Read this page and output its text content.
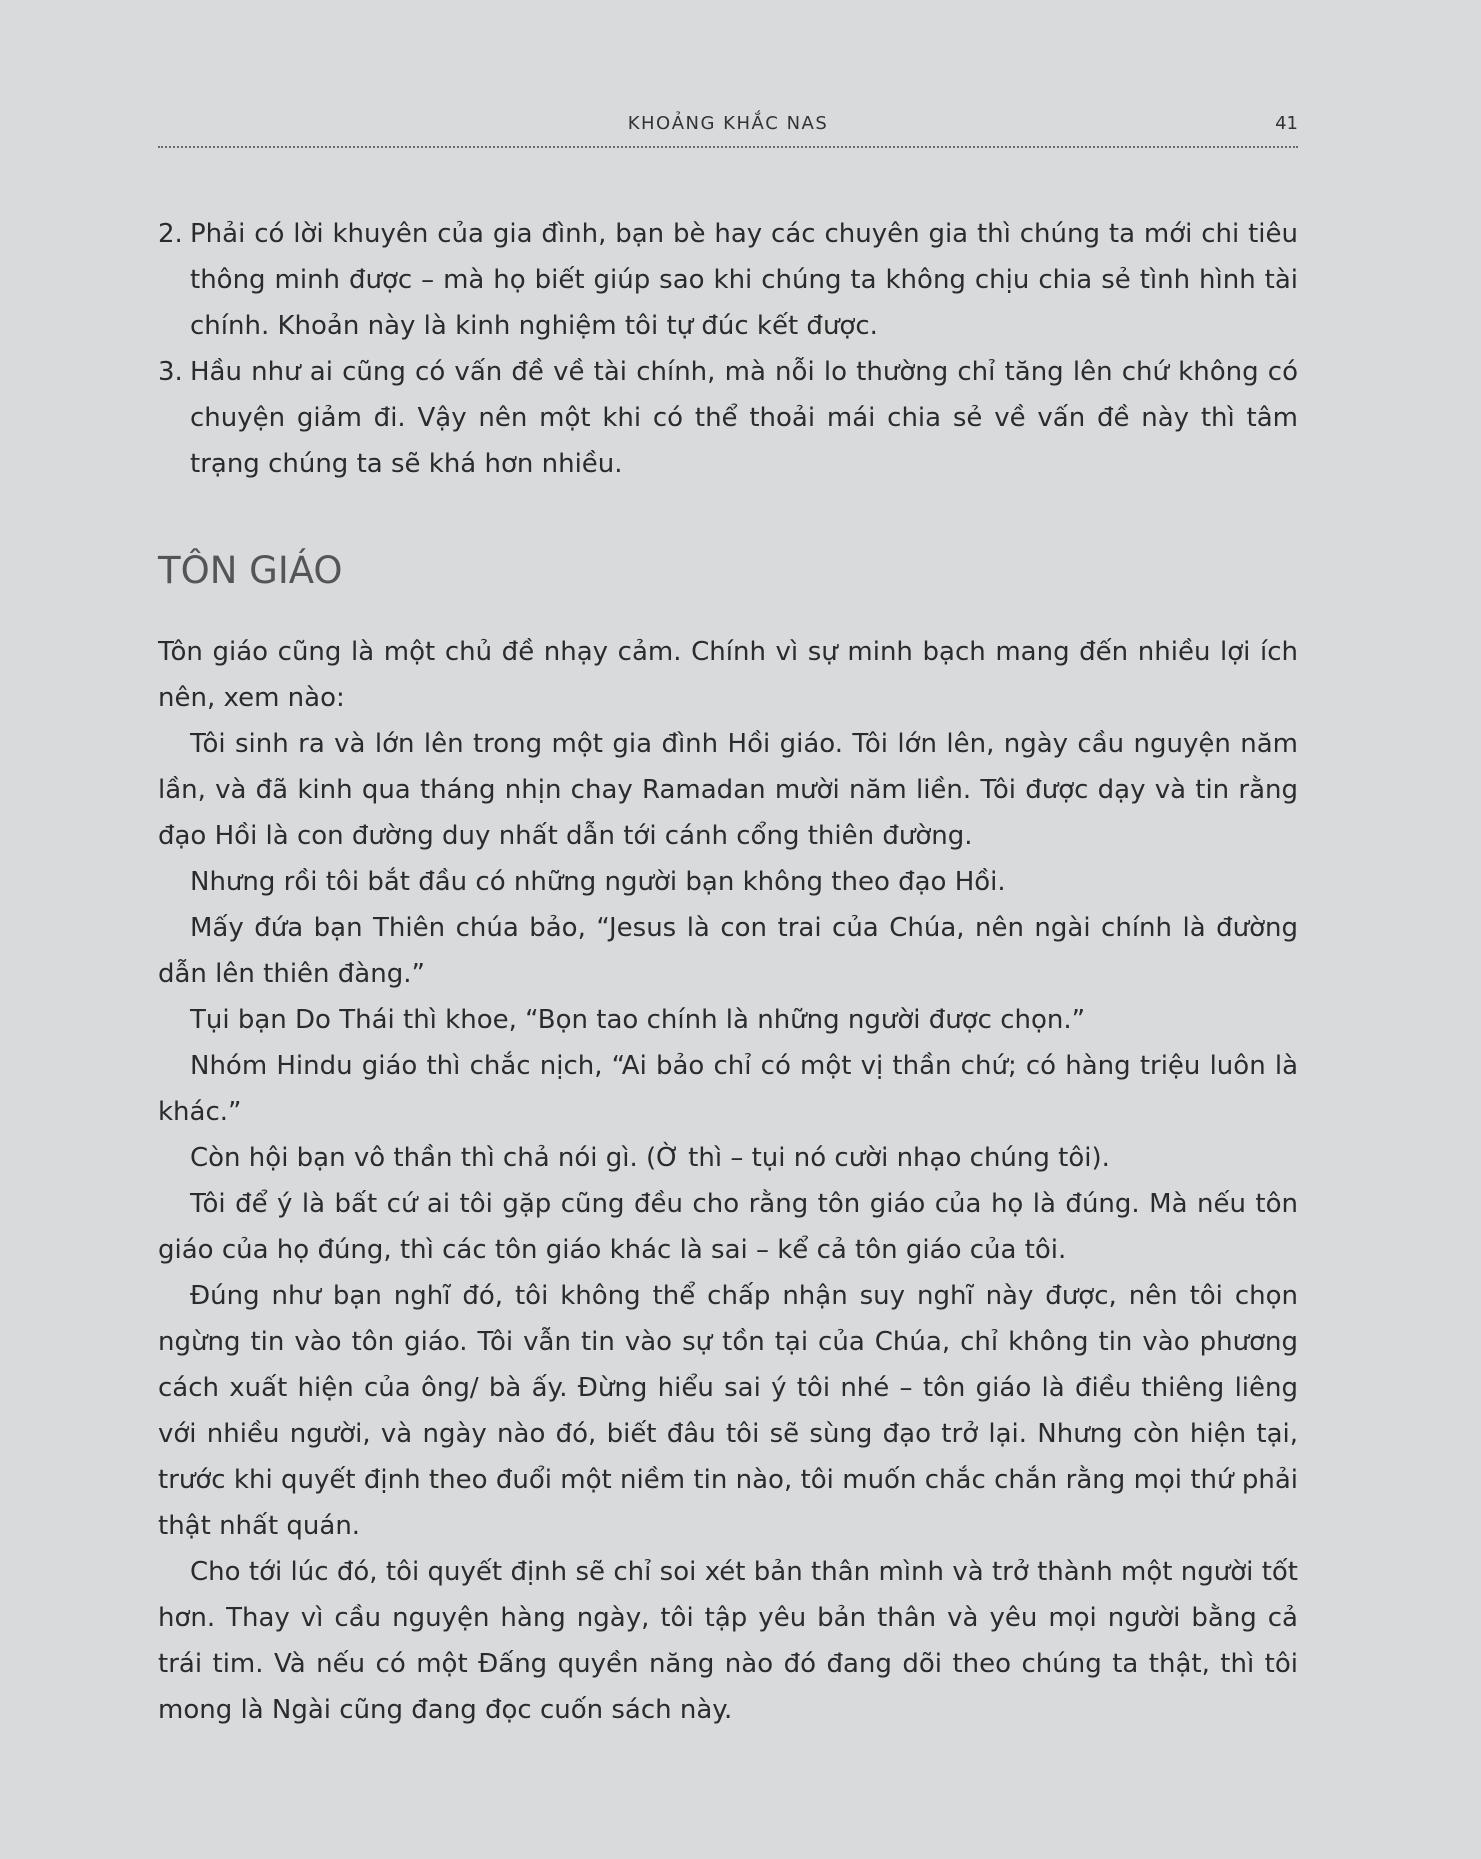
KHOẢNG KHẮC NAS	41
2. Phải có lời khuyên của gia đình, bạn bè hay các chuyên gia thì chúng ta mới chi tiêu thông minh được – mà họ biết giúp sao khi chúng ta không chịu chia sẻ tình hình tài chính. Khoản này là kinh nghiệm tôi tự đúc kết được.
3. Hầu như ai cũng có vấn đề về tài chính, mà nỗi lo thường chỉ tăng lên chứ không có chuyện giảm đi. Vậy nên một khi có thể thoải mái chia sẻ về vấn đề này thì tâm trạng chúng ta sẽ khá hơn nhiều.
TÔN GIÁO

Tôn giáo cũng là một chủ đề nhạy cảm. Chính vì sự minh bạch mang đến nhiều lợi ích nên, xem nào:

Tôi sinh ra và lớn lên trong một gia đình Hồi giáo. Tôi lớn lên, ngày cầu nguyện năm lần, và đã kinh qua tháng nhịn chay Ramadan mười năm liền. Tôi được dạy và tin rằng đạo Hồi là con đường duy nhất dẫn tới cánh cổng thiên đường.

Nhưng rồi tôi bắt đầu có những người bạn không theo đạo Hồi.

Mấy đứa bạn Thiên chúa bảo, “Jesus là con trai của Chúa, nên ngài chính là đường dẫn lên thiên đàng.”

Tụi bạn Do Thái thì khoe, “Bọn tao chính là những người được chọn.”

Nhóm Hindu giáo thì chắc nịch, “Ai bảo chỉ có một vị thần chứ; có hàng triệu luôn là khác.”

Còn hội bạn vô thần thì chả nói gì. (Ờ thì – tụi nó cười nhạo chúng tôi).

Tôi để ý là bất cứ ai tôi gặp cũng đều cho rằng tôn giáo của họ là đúng. Mà nếu tôn giáo của họ đúng, thì các tôn giáo khác là sai – kể cả tôn giáo của tôi.

Đúng như bạn nghĩ đó, tôi không thể chấp nhận suy nghĩ này được, nên tôi chọn ngừng tin vào tôn giáo. Tôi vẫn tin vào sự tồn tại của Chúa, chỉ không tin vào phương cách xuất hiện của ông/ bà ấy. Đừng hiểu sai ý tôi nhé – tôn giáo là điều thiêng liêng với nhiều người, và ngày nào đó, biết đâu tôi sẽ sùng đạo trở lại. Nhưng còn hiện tại, trước khi quyết định theo đuổi một niềm tin nào, tôi muốn chắc chắn rằng mọi thứ phải thật nhất quán.

Cho tới lúc đó, tôi quyết định sẽ chỉ soi xét bản thân mình và trở thành một người tốt hơn. Thay vì cầu nguyện hàng ngày, tôi tập yêu bản thân và yêu mọi người bằng cả trái tim. Và nếu có một Đấng quyền năng nào đó đang dõi theo chúng ta thật, thì tôi mong là Ngài cũng đang đọc cuốn sách này.
